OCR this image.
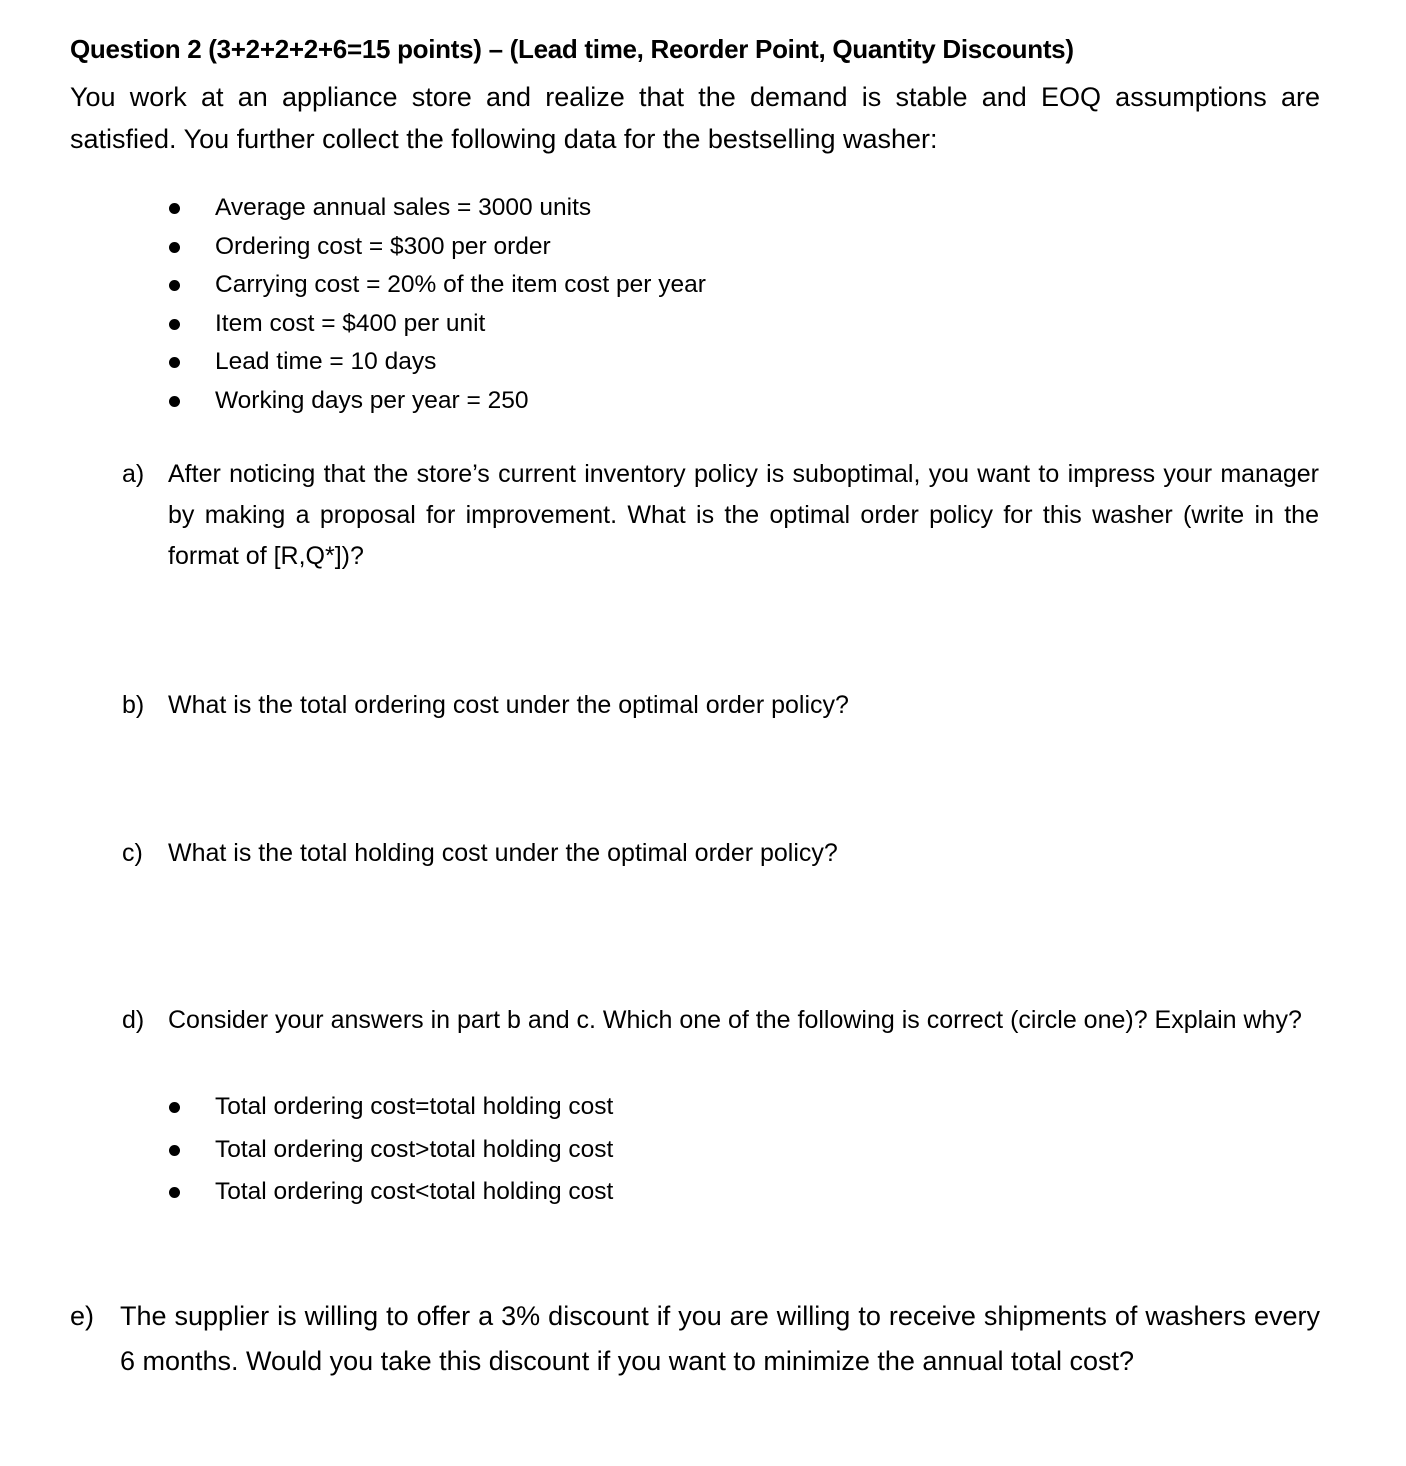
Question 2 (3+2+2+2+6=15 points) – (Lead time, Reorder Point, Quantity Discounts)
You work at an appliance store and realize that the demand is stable and EOQ assumptions are satisfied. You further collect the following data for the bestselling washer:
Average annual sales = 3000 units
Ordering cost = $300 per order
Carrying cost = 20% of the item cost per year
Item cost = $400 per unit
Lead time = 10 days
Working days per year = 250
a) After noticing that the store’s current inventory policy is suboptimal, you want to impress your manager by making a proposal for improvement. What is the optimal order policy for this washer (write in the format of [R,Q*])?
b) What is the total ordering cost under the optimal order policy?
c) What is the total holding cost under the optimal order policy?
d) Consider your answers in part b and c. Which one of the following is correct (circle one)? Explain why?
Total ordering cost=total holding cost
Total ordering cost>total holding cost
Total ordering cost<total holding cost
e) The supplier is willing to offer a 3% discount if you are willing to receive shipments of washers every 6 months. Would you take this discount if you want to minimize the annual total cost?
